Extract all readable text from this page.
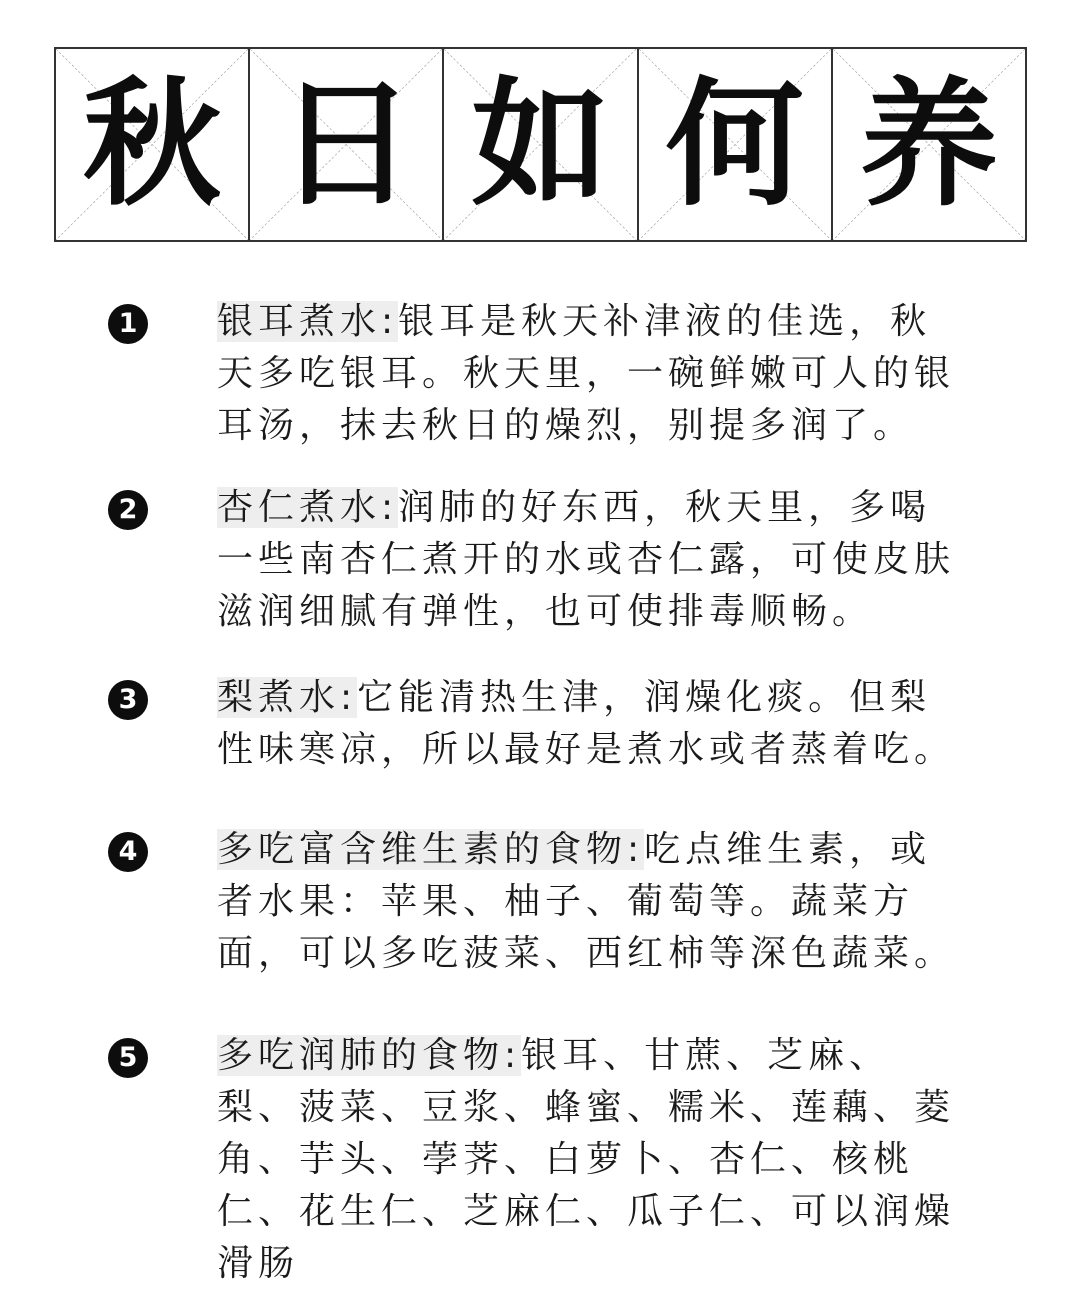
秋 日 如 何 养
1 银耳煮水:银耳是秋天补津液的佳选，秋天多吃银耳。秋天里，一碗鲜嫩可人的银耳汤，抹去秋日的燥烈，别提多润了。

2 杏仁煮水:润肺的好东西，秋天里，多喝一些南杏仁煮开的水或杏仁露，可使皮肤滋润细腻有弹性，也可使排毒顺畅。

3 梨煮水:它能清热生津，润燥化痰。但梨性味寒凉，所以最好是煮水或者蒸着吃。

4 多吃富含维生素的食物:吃点维生素，或者水果：苹果、柚子、葡萄等。蔬菜方面，可以多吃菠菜、西红柿等深色蔬菜。

5 多吃润肺的食物:银耳、甘蔗、芝麻、梨、菠菜、豆浆、蜂蜜、糯米、莲藕、菱角、芋头、荸荠、白萝卜、杏仁、核桃仁、花生仁、芝麻仁、瓜子仁、可以润燥滑肠
